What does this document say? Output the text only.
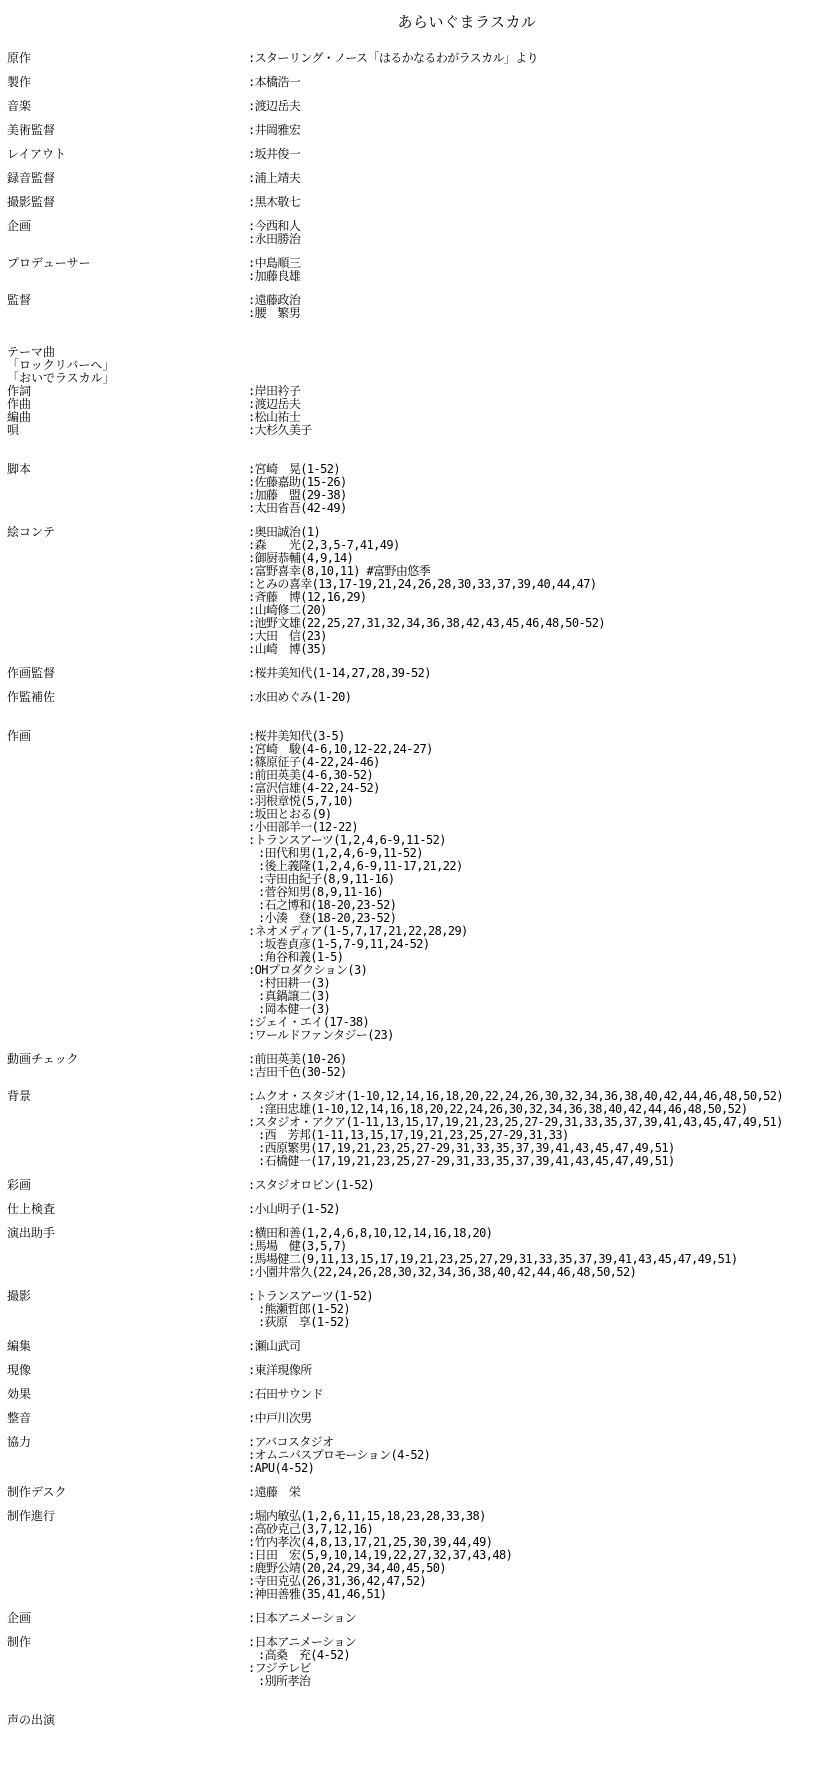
あらいぐまラスカル
原作	:スターリング・ノース「はるかなるわがラスカル」より
製作	:本橋浩一
音楽	:渡辺岳夫
美術監督	:井岡雅宏
レイアウト	:坂井俊一
録音監督	:浦上靖夫
撮影監督	:黒木敬七
企画	:今西和人
:永田勝治
プロデューサー	:中島順三
:加藤良雄
監督	:遠藤政治
:腰　繁男
テーマ曲
「ロックリバーへ」
「おいでラスカル」
作詞	:岸田衿子
作曲	:渡辺岳夫
編曲	:松山祐士
唄	:大杉久美子
脚本	:宮崎　晃(1-52)
:佐藤嘉助(15-26)
:加藤　盟(29-38)
:太田省吾(42-49)
絵コンテ	:奥田誠治(1)
:森　　光(2,3,5-7,41,49)
:御厨恭輔(4,9,14)
:富野喜幸(8,10,11) #富野由悠季
:とみの喜幸(13,17-19,21,24,26,28,30,33,37,39,40,44,47)
:斉藤　博(12,16,29)
:山崎修二(20)
:池野文雄(22,25,27,31,32,34,36,38,42,43,45,46,48,50-52)
:大田　信(23)
:山崎　博(35)
作画監督	:桜井美知代(1-14,27,28,39-52)
作監補佐	:水田めぐみ(1-20)
作画	:桜井美知代(3-5)
:宮崎　駿(4-6,10,12-22,24-27)
:篠原征子(4-22,24-46)
:前田英美(4-6,30-52)
:富沢信雄(4-22,24-52)
:羽根章悦(5,7,10)
:坂田とおる(9)
:小田部羊一(12-22)
:トランスアーツ(1,2,4,6-9,11-52)
:田代和男(1,2,4,6-9,11-52)
:後上義隆(1,2,4,6-9,11-17,21,22)
:寺田由紀子(8,9,11-16)
:菅谷知男(8,9,11-16)
:石之博和(18-20,23-52)
:小湊　登(18-20,23-52)
:ネオメディア(1-5,7,17,21,22,28,29)
:坂巻貞彦(1-5,7-9,11,24-52)
:角谷和義(1-5)
:OHプロダクション(3)
:村田耕一(3)
:真鍋譲二(3)
:岡本健一(3)
:ジェイ・エイ(17-38)
:ワールドファンタジー(23)
動画チェック	:前田英美(10-26)
:吉田千色(30-52)
背景	:ムクオ・スタジオ(1-10,12,14,16,18,20,22,24,26,30,32,34,36,38,40,42,44,46,48,50,52)
:窪田忠雄(1-10,12,14,16,18,20,22,24,26,30,32,34,36,38,40,42,44,46,48,50,52)
:スタジオ・アクア(1-11,13,15,17,19,21,23,25,27-29,31,33,35,37,39,41,43,45,47,49,51)
:西　芳邦(1-11,13,15,17,19,21,23,25,27-29,31,33)
:西原繁男(17,19,21,23,25,27-29,31,33,35,37,39,41,43,45,47,49,51)
:石橋健一(17,19,21,23,25,27-29,31,33,35,37,39,41,43,45,47,49,51)
彩画	:スタジオロビン(1-52)
仕上検査	:小山明子(1-52)
演出助手	:横田和善(1,2,4,6,8,10,12,14,16,18,20)
:馬場　健(3,5,7)
:馬場健二(9,11,13,15,17,19,21,23,25,27,29,31,33,35,37,39,41,43,45,47,49,51)
:小園井常久(22,24,26,28,30,32,34,36,38,40,42,44,46,48,50,52)
撮影	:トランスアーツ(1-52)
:熊瀬哲郎(1-52)
:荻原　享(1-52)
編集	:瀬山武司
現像	:東洋現像所
効果	:石田サウンド
整音	:中戸川次男
協力	:アバコスタジオ
:オムニバスプロモーション(4-52)
:APU(4-52)
制作デスク	:遠藤　栄
制作進行	:堀内敏弘(1,2,6,11,15,18,23,28,33,38)
:高砂克己(3,7,12,16)
:竹内孝次(4,8,13,17,21,25,30,39,44,49)
:日田　宏(5,9,10,14,19,22,27,32,37,43,48)
:鹿野公靖(20,24,29,34,40,45,50)
:寺田克弘(26,31,36,42,47,52)
:神田善雅(35,41,46,51)
企画	:日本アニメーション
制作	:日本アニメーション
:高桑　充(4-52)
:フジテレビ
:別所孝治
声の出演
